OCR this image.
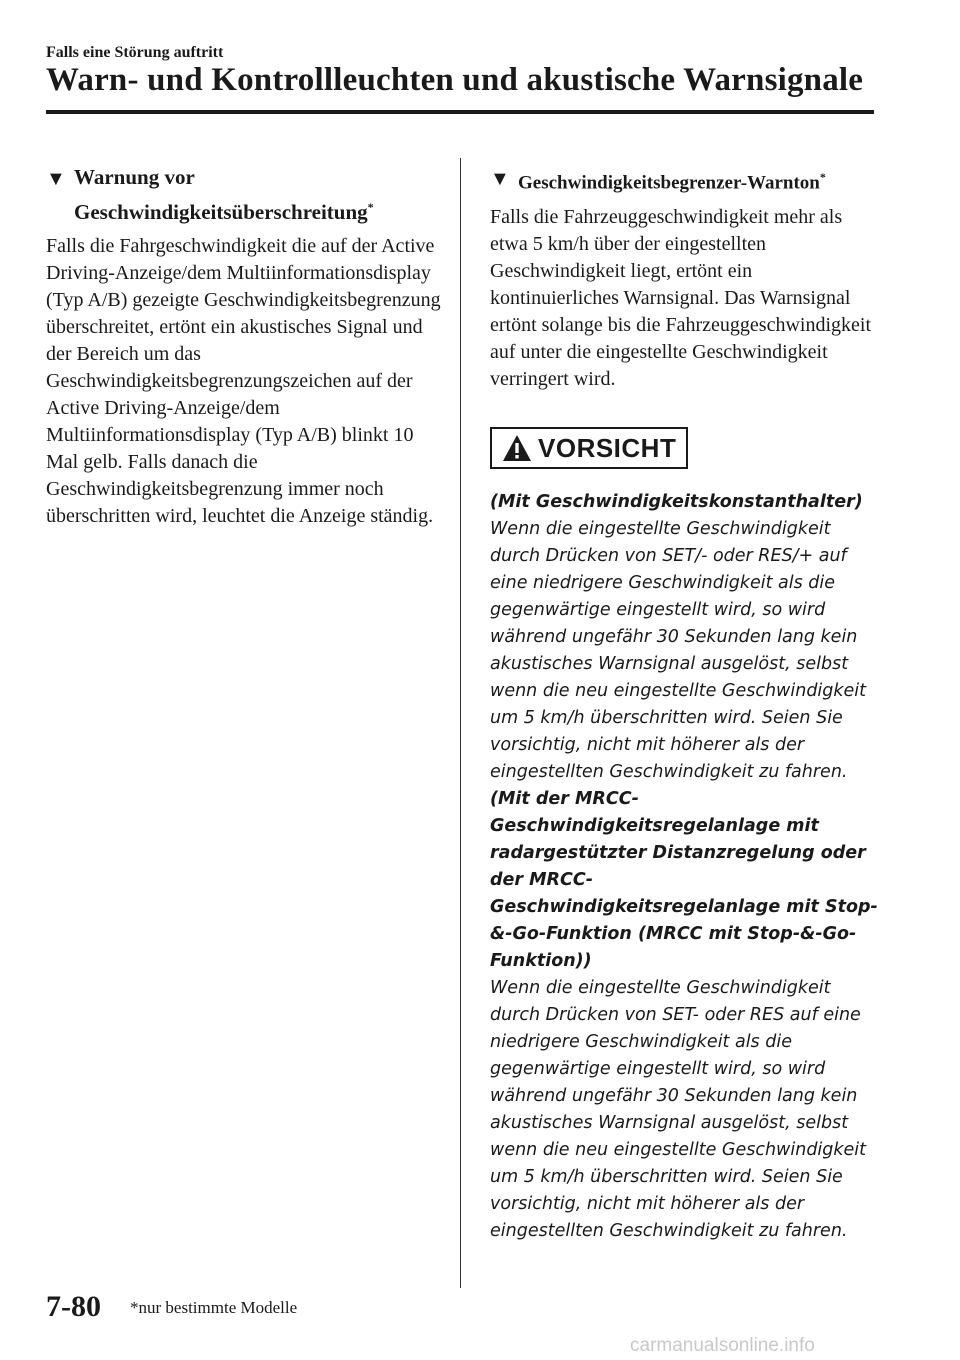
Falls eine Störung auftritt
Warn- und Kontrollleuchten und akustische Warnsignale
▼ Warnung vor
Geschwindigkeitsüberschreitung*

Falls die Fahrgeschwindigkeit die auf der Active Driving-Anzeige/dem Multiinformationsdisplay (Typ A/B) gezeigte Geschwindigkeitsbegrenzung überschreitet, ertönt ein akustisches Signal und der Bereich um das Geschwindigkeitsbegrenzungszeichen auf der Active Driving-Anzeige/dem Multiinformationsdisplay (Typ A/B) blinkt 10 Mal gelb. Falls danach die Geschwindigkeitsbegrenzung immer noch überschritten wird, leuchtet die Anzeige ständig.

▼ Geschwindigkeitsbegrenzer-Warnton*

Falls die Fahrzeuggeschwindigkeit mehr als etwa 5 km/h über der eingestellten Geschwindigkeit liegt, ertönt ein kontinuierliches Warnsignal. Das Warnsignal ertönt solange bis die Fahrzeuggeschwindigkeit auf unter die eingestellte Geschwindigkeit verringert wird.

VORSICHT

(Mit Geschwindigkeitskonstanthalter)

Wenn die eingestellte Geschwindigkeit durch Drücken von SET/- oder RES/+ auf eine niedrigere Geschwindigkeit als die gegenwärtige eingestellt wird, so wird während ungefähr 30 Sekunden lang kein akustisches Warnsignal ausgelöst, selbst wenn die neu eingestellte Geschwindigkeit um 5 km/h überschritten wird. Seien Sie vorsichtig, nicht mit höherer als der eingestellten Geschwindigkeit zu fahren.

(Mit der MRCC-Geschwindigkeitsregelanlage mit radargestützter Distanzregelung oder der MRCC-Geschwindigkeitsregelanlage mit Stop-&-Go-Funktion (MRCC mit Stop-&-Go-Funktion))

Wenn die eingestellte Geschwindigkeit durch Drücken von SET- oder RES auf eine niedrigere Geschwindigkeit als die gegenwärtige eingestellt wird, so wird während ungefähr 30 Sekunden lang kein akustisches Warnsignal ausgelöst, selbst wenn die neu eingestellte Geschwindigkeit um 5 km/h überschritten wird. Seien Sie vorsichtig, nicht mit höherer als der eingestellten Geschwindigkeit zu fahren.

7-80 *nur bestimmte Modelle
carmanualsonline.info
